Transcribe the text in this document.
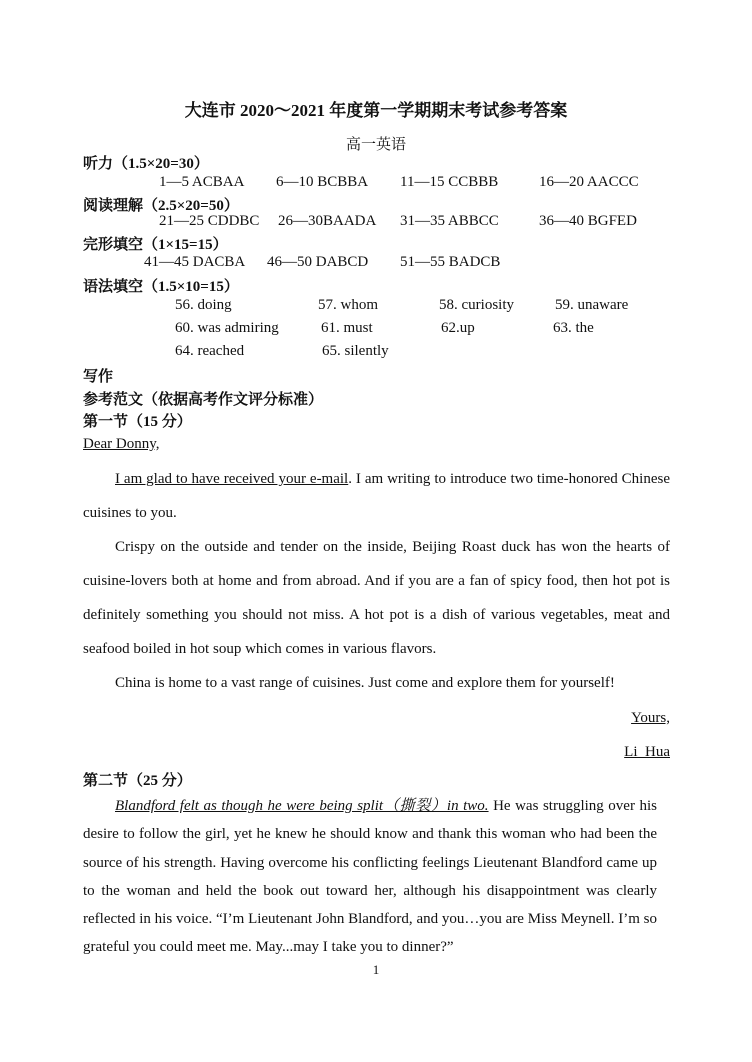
大连市 2020〜2021 年度第一学期期末考试参考答案
高一英语
听力（1.5×20=30）
1—5 ACBAA 6—10 BCBBA 11—15 CCBBB	16—20 AACCC
阅读理解（2.5×20=50）
21—25 CDDBC 26—30BAADA 31—35 ABBCC	36—40 BGFED
完形填空（1×15=15）
41—45 DACBA 46—50 DABCD 51—55 BADCB
语法填空（1.5×10=15）
56. doing	57. whom	58. curiosity	59. unaware
60. was admiring	61. must	62.up	63. the
64. reached	65. silently
写作
参考范文（依据高考作文评分标准）
第一节（15 分）
Dear Donny,

I am glad to have received your e-mail. I am writing to introduce two time-honored Chinese cuisines to you.

Crispy on the outside and tender on the inside, Beijing Roast duck has won the hearts of cuisine-lovers both at home and from abroad. And if you are a fan of spicy food, then hot pot is definitely something you should not miss. A hot pot is a dish of various vegetables, meat and seafood boiled in hot soup which comes in various flavors.

China is home to a vast range of cuisines. Just come and explore them for yourself!

Yours,
Li  Hua
第二节（25 分）

Blandford felt as though he were being split（撕裂）in two. He was struggling over his desire to follow the girl, yet he knew he should know and thank this woman who had been the source of his strength. Having overcome his conflicting feelings Lieutenant Blandford came up to the woman and held the book out toward her, although his disappointment was clearly reflected in his voice. “I’m Lieutenant John Blandford, and you…you are Miss Meynell. I’m so grateful you could meet me. May...may I take you to dinner?”

1
